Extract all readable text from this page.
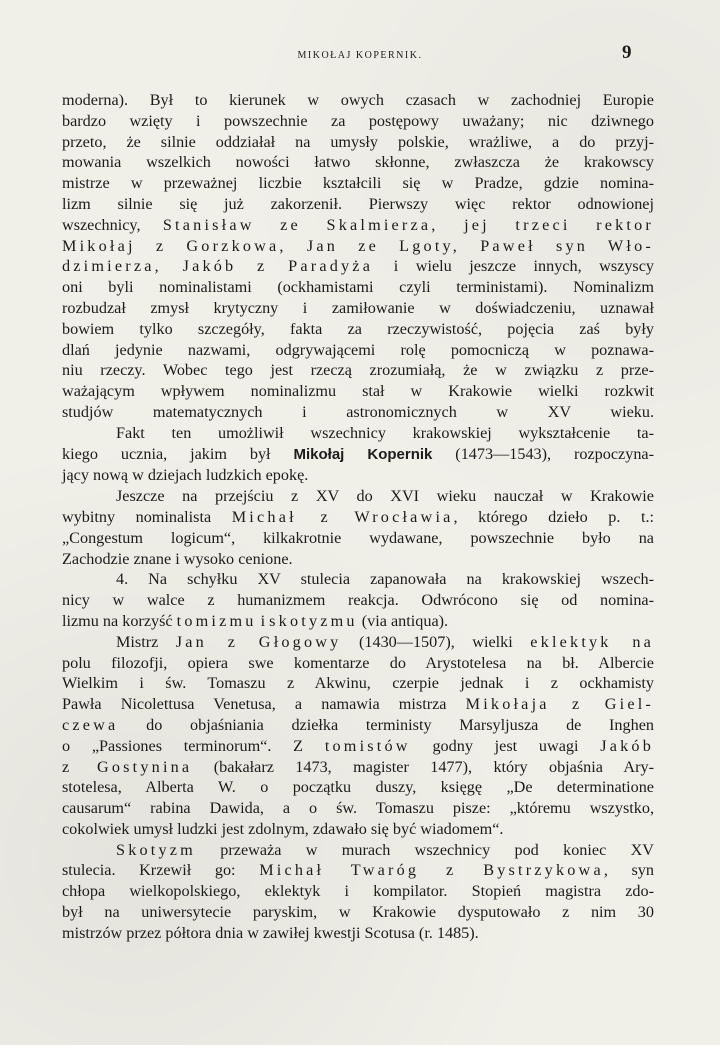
MIKOŁAJ KOPERNIK.	9
moderna). Był to kierunek w owych czasach w zachodniej Europie
bardzo wzięty i powszechnie za postępowy uważany; nic dziwnego
przeto, że silnie oddziałał na umysły polskie, wrażliwe, a do przyj-
mowania wszelkich nowości łatwo skłonne, zwłaszcza że krakowscy
mistrze w przeważnej liczbie kształcili się w Pradze, gdzie nomina-
lizm silnie się już zakorzenił. Pierwszy więc rektor odnowionej
wszechnicy, Stanisław ze Skalmierza, jej trzeci rektor
Mikołaj z Gorzkowa, Jan ze Lgoty, Paweł syn Wło-
dzimierza, Jakób z Paradyża i wielu jeszcze innych, wszyscy
oni byli nominalistami (ockhamistami czyli terministami). Nominalizm
rozbudzał zmysł krytyczny i zamiłowanie w doświadczeniu, uznawał
bowiem tylko szczegóły, fakta za rzeczywistość, pojęcia zaś były
dlań jedynie nazwami, odgrywającemi rolę pomocniczą w poznawa-
niu rzeczy. Wobec tego jest rzeczą zrozumiałą, że w związku z prze-
ważającym wpływem nominalizmu stał w Krakowie wielki rozkwit
studjów matematycznych i astronomicznych w XV wieku.
Fakt ten umożliwił wszechnicy krakowskiej wykształcenie ta-
kiego ucznia, jakim był Mikołaj Kopernik (1473—1543), rozpoczyna-
jący nową w dziejach ludzkich epokę.
Jeszcze na przejściu z XV do XVI wieku nauczał w Krakowie
wybitny nominalista Michał z Wrocławia, którego dzieło p. t.:
„Congestum logicum“, kilkakrotnie wydawane, powszechnie było na
Zachodzie znane i wysoko cenione.
4. Na schyłku XV stulecia zapanowała na krakowskiej wszech-
nicy w walce z humanizmem reakcja. Odwrócono się od nomina-
lizmu na korzyść tomizmu i skotyzmu (via antiqua).
Mistrz Jan z Głogowy (1430—1507), wielki eklektyk na
polu filozofji, opiera swe komentarze do Arystotelesa na bł. Albercie
Wielkim i św. Tomaszu z Akwinu, czerpie jednak i z ockhamisty
Pawła Nicolettusa Venetusa, a namawia mistrza Mikołaja z Giel-
czewa do objaśniania dziełka terministy Marsyljusza de Inghen
o „Passiones terminorum“. Z tomistów godny jest uwagi Jakób
z Gostynina (bakałarz 1473, magister 1477), który objaśnia Ary-
stotelesa, Alberta W. o początku duszy, księgę „De determinatione
causarum“ rabina Dawida, a o św. Tomaszu pisze: „któremu wszystko,
cokolwiek umysł ludzki jest zdolnym, zdawało się być wiadomem“.
Skotyzm przeważa w murach wszechnicy pod koniec XV
stulecia. Krzewił go: Michał Twaróg z Bystrzykowa, syn
chłopa wielkopolskiego, eklektyk i kompilator. Stopień magistra zdo-
był na uniwersytecie paryskim, w Krakowie dysputowało z nim 30
mistrzów przez półtora dnia w zawiłej kwestji Scotusa (r. 1485).
